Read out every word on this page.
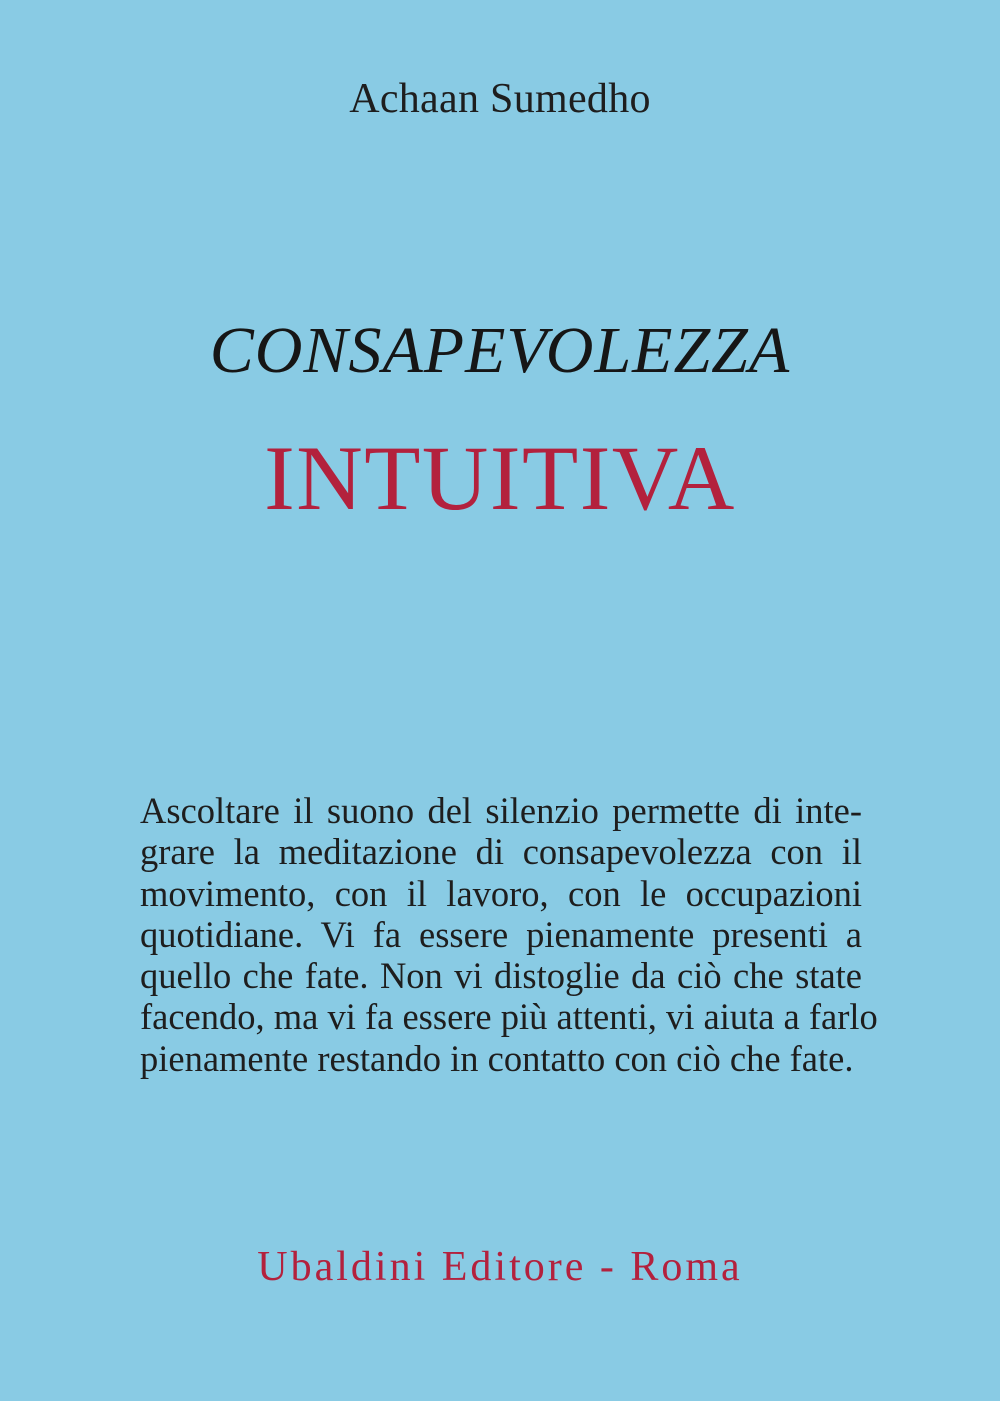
Achaan Sumedho
CONSAPEVOLEZZA
INTUITIVA

Ascoltare il suono del silenzio permette di inte-
grare la meditazione di consapevolezza con il
movimento, con il lavoro, con le occupazioni
quotidiane. Vi fa essere pienamente presenti a
quello che fate. Non vi distoglie da ciò che state
facendo, ma vi fa essere più attenti, vi aiuta a farlo
pienamente restando in contatto con ciò che fate.

Ubaldini Editore - Roma
